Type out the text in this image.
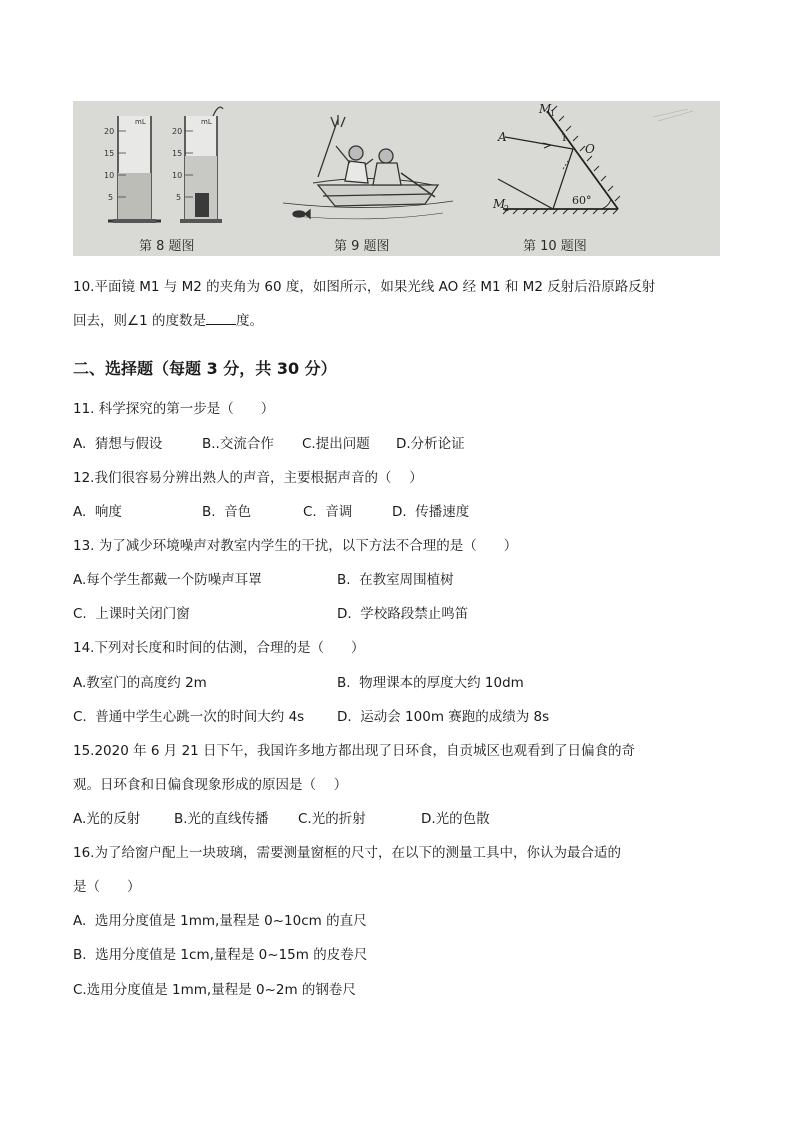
20
15
10
5
mL
20
15
10
5
mL
M
1
M
2
A
O
1
60°
第 8 题图	第 9 题图	第 10 题图
10.平面镜 M1 与 M2 的夹角为 60 度，如图所示，如果光线 AO 经 M1 和 M2 反射后沿原路反射
回去，则∠1 的度数是 度。
二、选择题（每题 3 分，共 30 分）
11. 科学探究的第一步是（　　）
A.  猜想与假设	B..交流合作 C.提出问题 D.分析论证
12.我们很容易分辨出熟人的声音，主要根据声音的（　 ）
A.  响度	B.  音色	C.  音调	D.  传播速度
13. 为了减少环境噪声对教室内学生的干扰，以下方法不合理的是（　　）
A.每个学生都戴一个防噪声耳罩	B.  在教室周围植树
C.  上课时关闭门窗	D.  学校路段禁止鸣笛
14.下列对长度和时间的估测，合理的是（　　）
A.教室门的高度约 2m	B.  物理课本的厚度大约 10dm
C.  普通中学生心跳一次的时间大约 4s D.  运动会 100m 赛跑的成绩为 8s
15.2020 年 6 月 21 日下午，我国许多地方都出现了日环食，自贡城区也观看到了日偏食的奇
观。日环食和日偏食现象形成的原因是（　 ）
A.光的反射 B.光的直线传播 C.光的折射	D.光的色散
16.为了给窗户配上一块玻璃，需要测量窗框的尺寸，在以下的测量工具中，你认为最合适的
是（　　）
A.  选用分度值是 1mm,量程是 0~10cm 的直尺
B.  选用分度值是 1cm,量程是 0~15m 的皮卷尺
C.选用分度值是 1mm,量程是 0~2m 的钢卷尺
